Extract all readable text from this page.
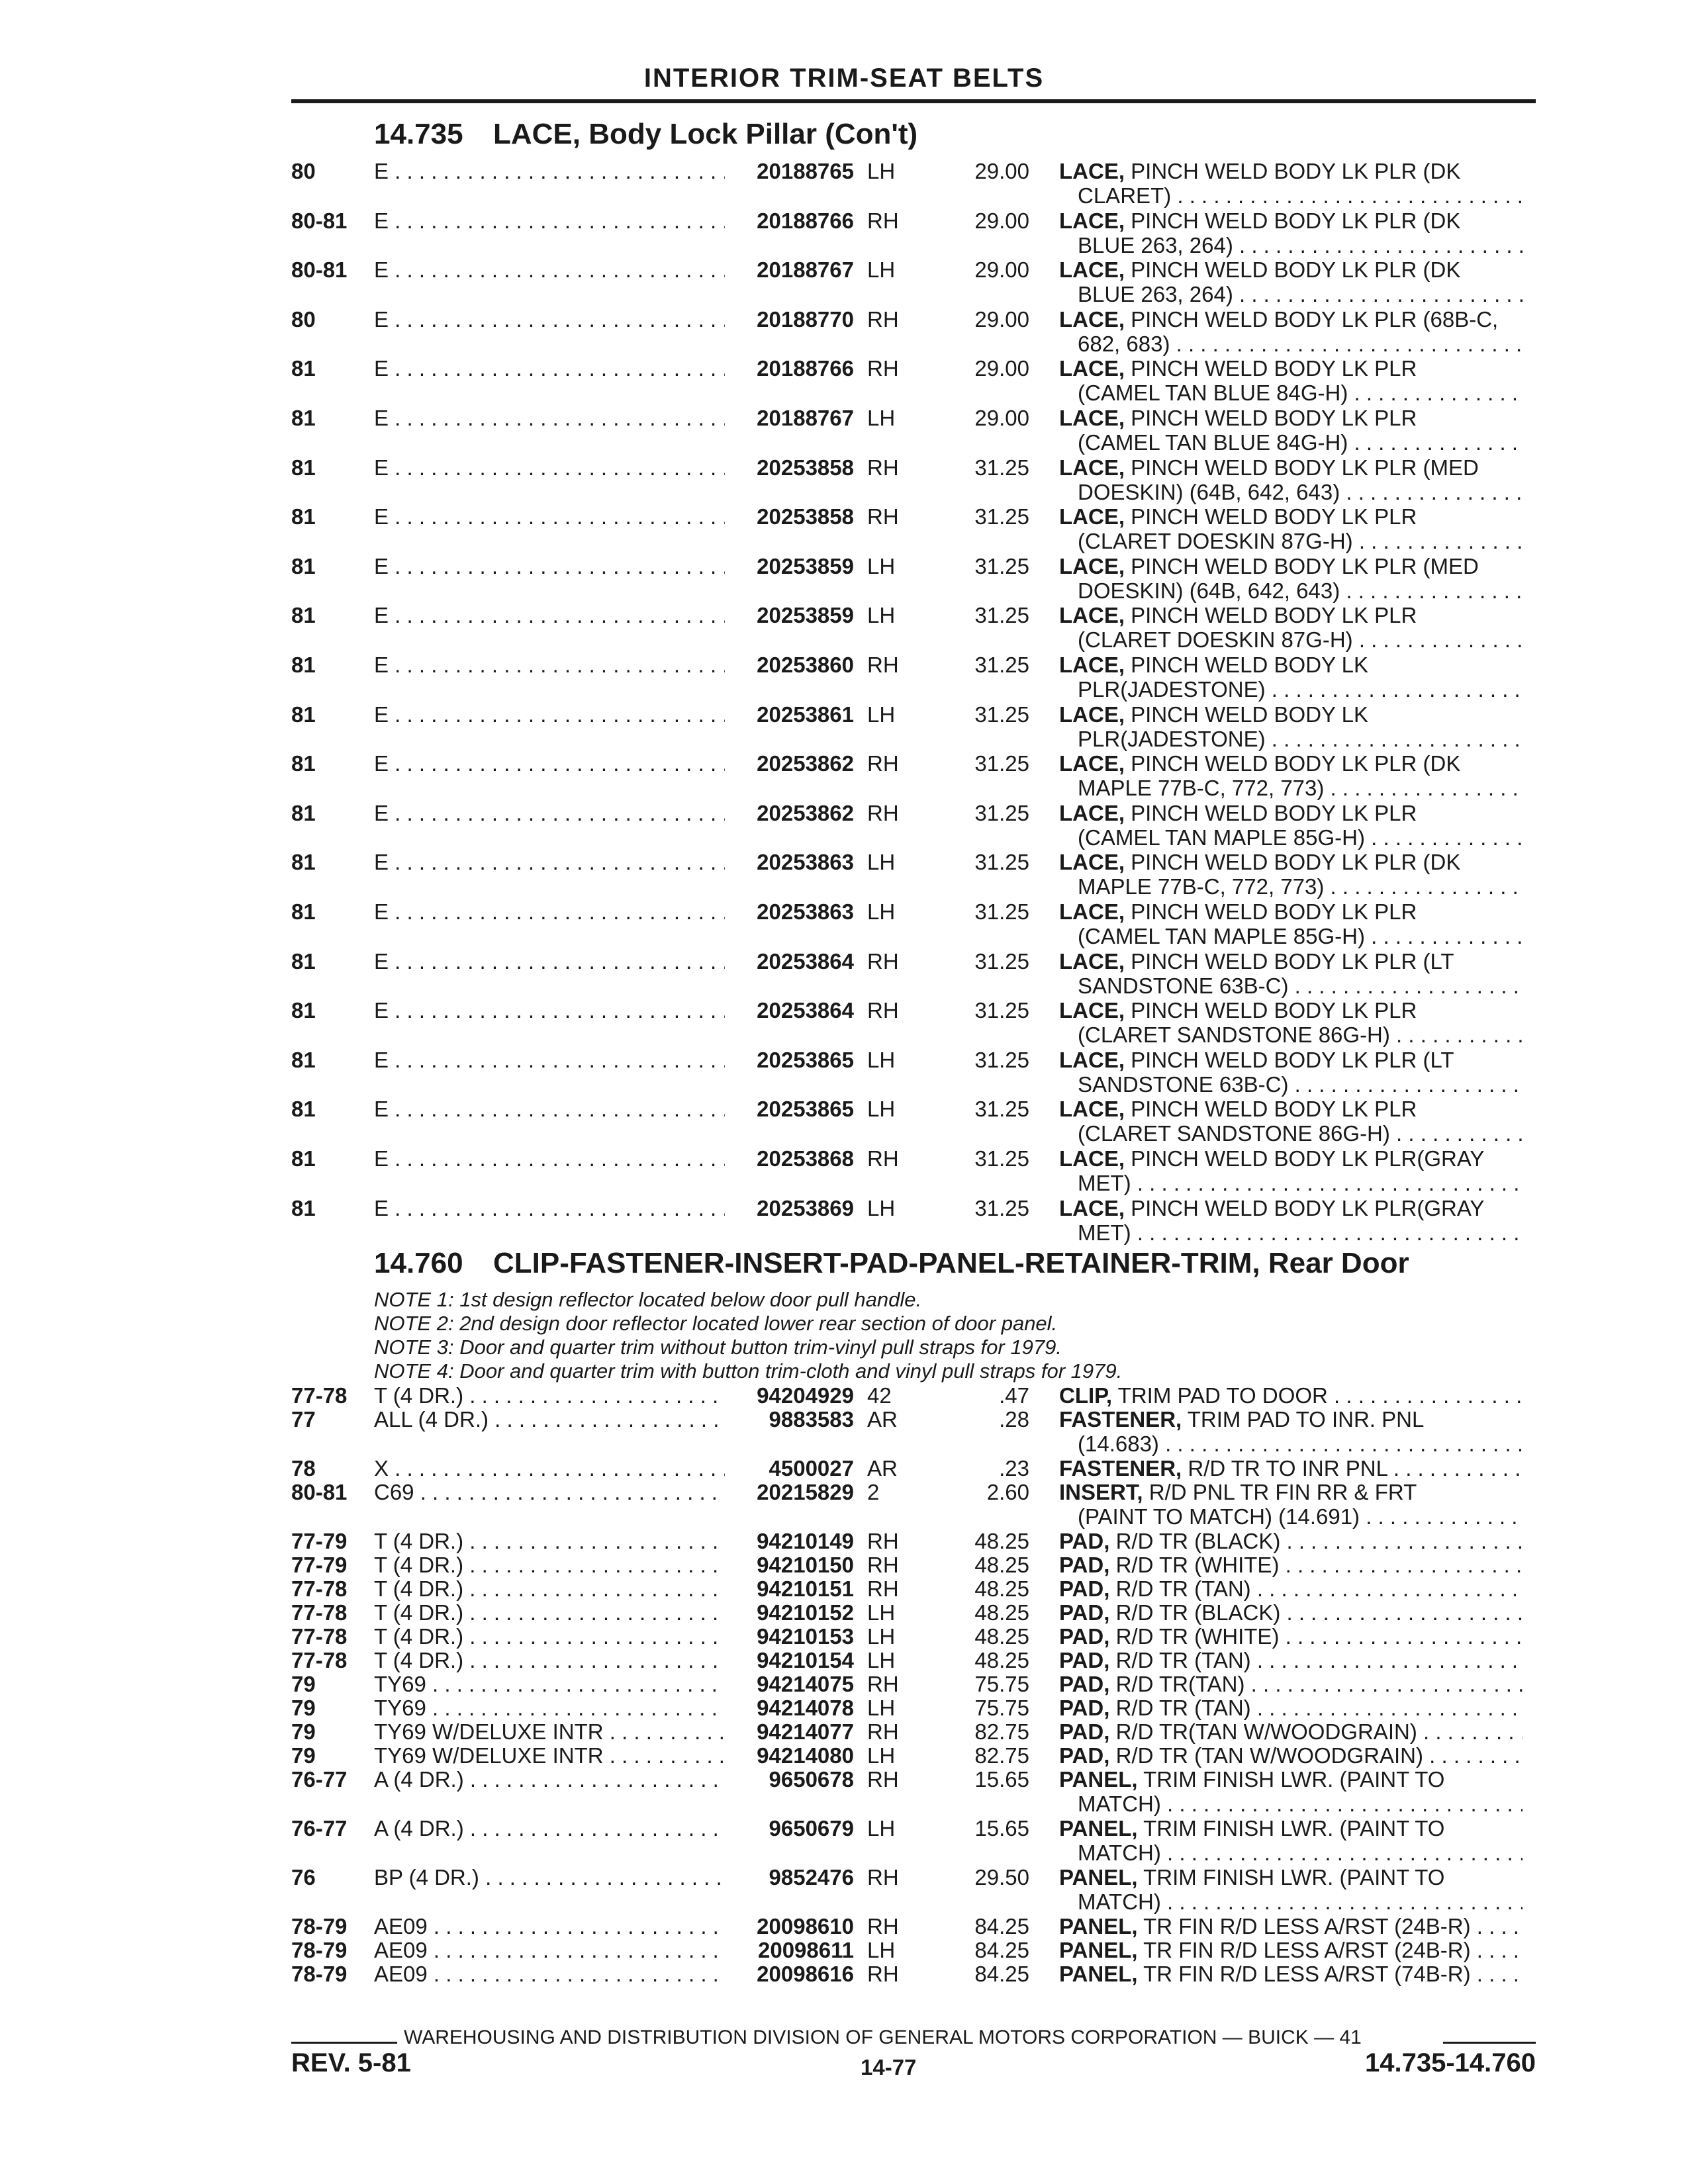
INTERIOR TRIM-SEAT BELTS
14.735 LACE, Body Lock Pillar (Con't)
80	E . . .	20188765 LH	29.00 LACE, PINCH WELD BODY LK PLR (DK
CLARET) . . .
80-81 E . . .	20188766 RH	29.00 LACE, PINCH WELD BODY LK PLR (DK
BLUE 263, 264) . . .
80-81 E . . .	20188767 LH	29.00 LACE, PINCH WELD BODY LK PLR (DK
BLUE 263, 264) . . .
80	E . . .	20188770 RH	29.00 LACE, PINCH WELD BODY LK PLR (68B-C,
682, 683) . . .
81	E . . .	20188766 RH	29.00 LACE, PINCH WELD BODY LK PLR
(CAMEL TAN BLUE 84G-H) . . .
81	E . . .	20188767 LH	29.00 LACE, PINCH WELD BODY LK PLR
(CAMEL TAN BLUE 84G-H) . . .
81	E . . .	20253858 RH	31.25 LACE, PINCH WELD BODY LK PLR (MED
DOESKIN) (64B, 642, 643) . . .
81	E . . .	20253858 RH	31.25 LACE, PINCH WELD BODY LK PLR
(CLARET DOESKIN 87G-H) . . .
81	E . . .	20253859 LH	31.25 LACE, PINCH WELD BODY LK PLR (MED
DOESKIN) (64B, 642, 643) . . .
81	E . . .	20253859 LH	31.25 LACE, PINCH WELD BODY LK PLR
(CLARET DOESKIN 87G-H) . . .
81	E . . .	20253860 RH	31.25 LACE, PINCH WELD BODY LK
PLR(JADESTONE) . . .
81	E . . .	20253861 LH	31.25 LACE, PINCH WELD BODY LK
PLR(JADESTONE) . . .
81	E . . .	20253862 RH	31.25 LACE, PINCH WELD BODY LK PLR (DK
MAPLE 77B-C, 772, 773) . . .
81	E . . .	20253862 RH	31.25 LACE, PINCH WELD BODY LK PLR
(CAMEL TAN MAPLE 85G-H) . . .
81	E . . .	20253863 LH	31.25 LACE, PINCH WELD BODY LK PLR (DK
MAPLE 77B-C, 772, 773) . . .
81	E . . .	20253863 LH	31.25 LACE, PINCH WELD BODY LK PLR
(CAMEL TAN MAPLE 85G-H) . . .
81	E . . .	20253864 RH	31.25 LACE, PINCH WELD BODY LK PLR (LT
SANDSTONE 63B-C) . . .
81	E . . .	20253864 RH	31.25 LACE, PINCH WELD BODY LK PLR
(CLARET SANDSTONE 86G-H) . . .
81	E . . .	20253865 LH	31.25 LACE, PINCH WELD BODY LK PLR (LT
SANDSTONE 63B-C) . . .
81	E . . .	20253865 LH	31.25 LACE, PINCH WELD BODY LK PLR
(CLARET SANDSTONE 86G-H) . . .
81	E . . .	20253868 RH	31.25 LACE, PINCH WELD BODY LK PLR(GRAY
MET) . . .
81	E . . .	20253869 LH	31.25 LACE, PINCH WELD BODY LK PLR(GRAY
MET) . . .
14.760 CLIP-FASTENER-INSERT-PAD-PANEL-RETAINER-TRIM, Rear Door
NOTE 1: 1st design reflector located below door pull handle.
NOTE 2: 2nd design door reflector located lower rear section of door panel.
NOTE 3: Door and quarter trim without button trim-vinyl pull straps for 1979.
NOTE 4: Door and quarter trim with button trim-cloth and vinyl pull straps for 1979.
77-78 T (4 DR.) . . .	94204929 42	.47 CLIP, TRIM PAD TO DOOR . . .
77	ALL (4 DR.) . . .	9883583 AR	.28 FASTENER, TRIM PAD TO INR. PNL
(14.683) . . .
78	X . . .	4500027 AR	.23 FASTENER, R/D TR TO INR PNL . . .
80-81 C69 . . .	20215829 2	2.60 INSERT, R/D PNL TR FIN RR & FRT
(PAINT TO MATCH) (14.691) . . .
77-79 T (4 DR.) . . .	94210149 RH	48.25 PAD, R/D TR (BLACK) . . .
77-79 T (4 DR.) . . .	94210150 RH	48.25 PAD, R/D TR (WHITE) . . .
77-78 T (4 DR.) . . .	94210151 RH	48.25 PAD, R/D TR (TAN) . . .
77-78 T (4 DR.) . . .	94210152 LH	48.25 PAD, R/D TR (BLACK) . . .
77-78 T (4 DR.) . . .	94210153 LH	48.25 PAD, R/D TR (WHITE) . . .
77-78 T (4 DR.) . . .	94210154 LH	48.25 PAD, R/D TR (TAN) . . .
79	TY69 . . .	94214075 RH	75.75 PAD, R/D TR(TAN) . . .
79	TY69 . . .	94214078 LH	75.75 PAD, R/D TR (TAN) . . .
79	TY69 W/DELUXE INTR . . .	94214077 RH	82.75 PAD, R/D TR(TAN W/WOODGRAIN) . . .
79	TY69 W/DELUXE INTR . . .	94214080 LH	82.75 PAD, R/D TR (TAN W/WOODGRAIN) . . .
76-77 A (4 DR.) . . .	9650678 RH	15.65 PANEL, TRIM FINISH LWR. (PAINT TO
MATCH) . . .
76-77 A (4 DR.) . . .	9650679 LH	15.65 PANEL, TRIM FINISH LWR. (PAINT TO
MATCH) . . .
76	BP (4 DR.) . . .	9852476 RH	29.50 PANEL, TRIM FINISH LWR. (PAINT TO
MATCH) . . .
78-79 AE09 . . .	20098610 RH	84.25 PANEL, TR FIN R/D LESS A/RST (24B-R) . . .
78-79 AE09 . . .	20098611 LH	84.25 PANEL, TR FIN R/D LESS A/RST (24B-R) . . .
78-79 AE09 . . .	20098616 RH	84.25 PANEL, TR FIN R/D LESS A/RST (74B-R) . . .
WAREHOUSING AND DISTRIBUTION DIVISION OF GENERAL MOTORS CORPORATION — BUICK — 41
REV. 5-81	14-77	14.735-14.760
